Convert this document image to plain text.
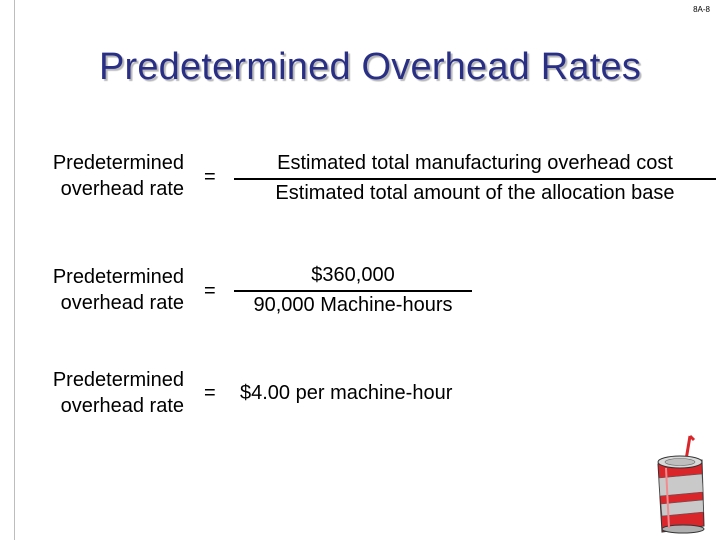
8A-8
Predetermined Overhead Rates
Predetermined
overhead rate
=
Estimated total manufacturing overhead cost
Estimated total amount of the allocation base
Predetermined
overhead rate
=
$360,000
90,000 Machine-hours
Predetermined
overhead rate
= $4.00 per machine-hour
